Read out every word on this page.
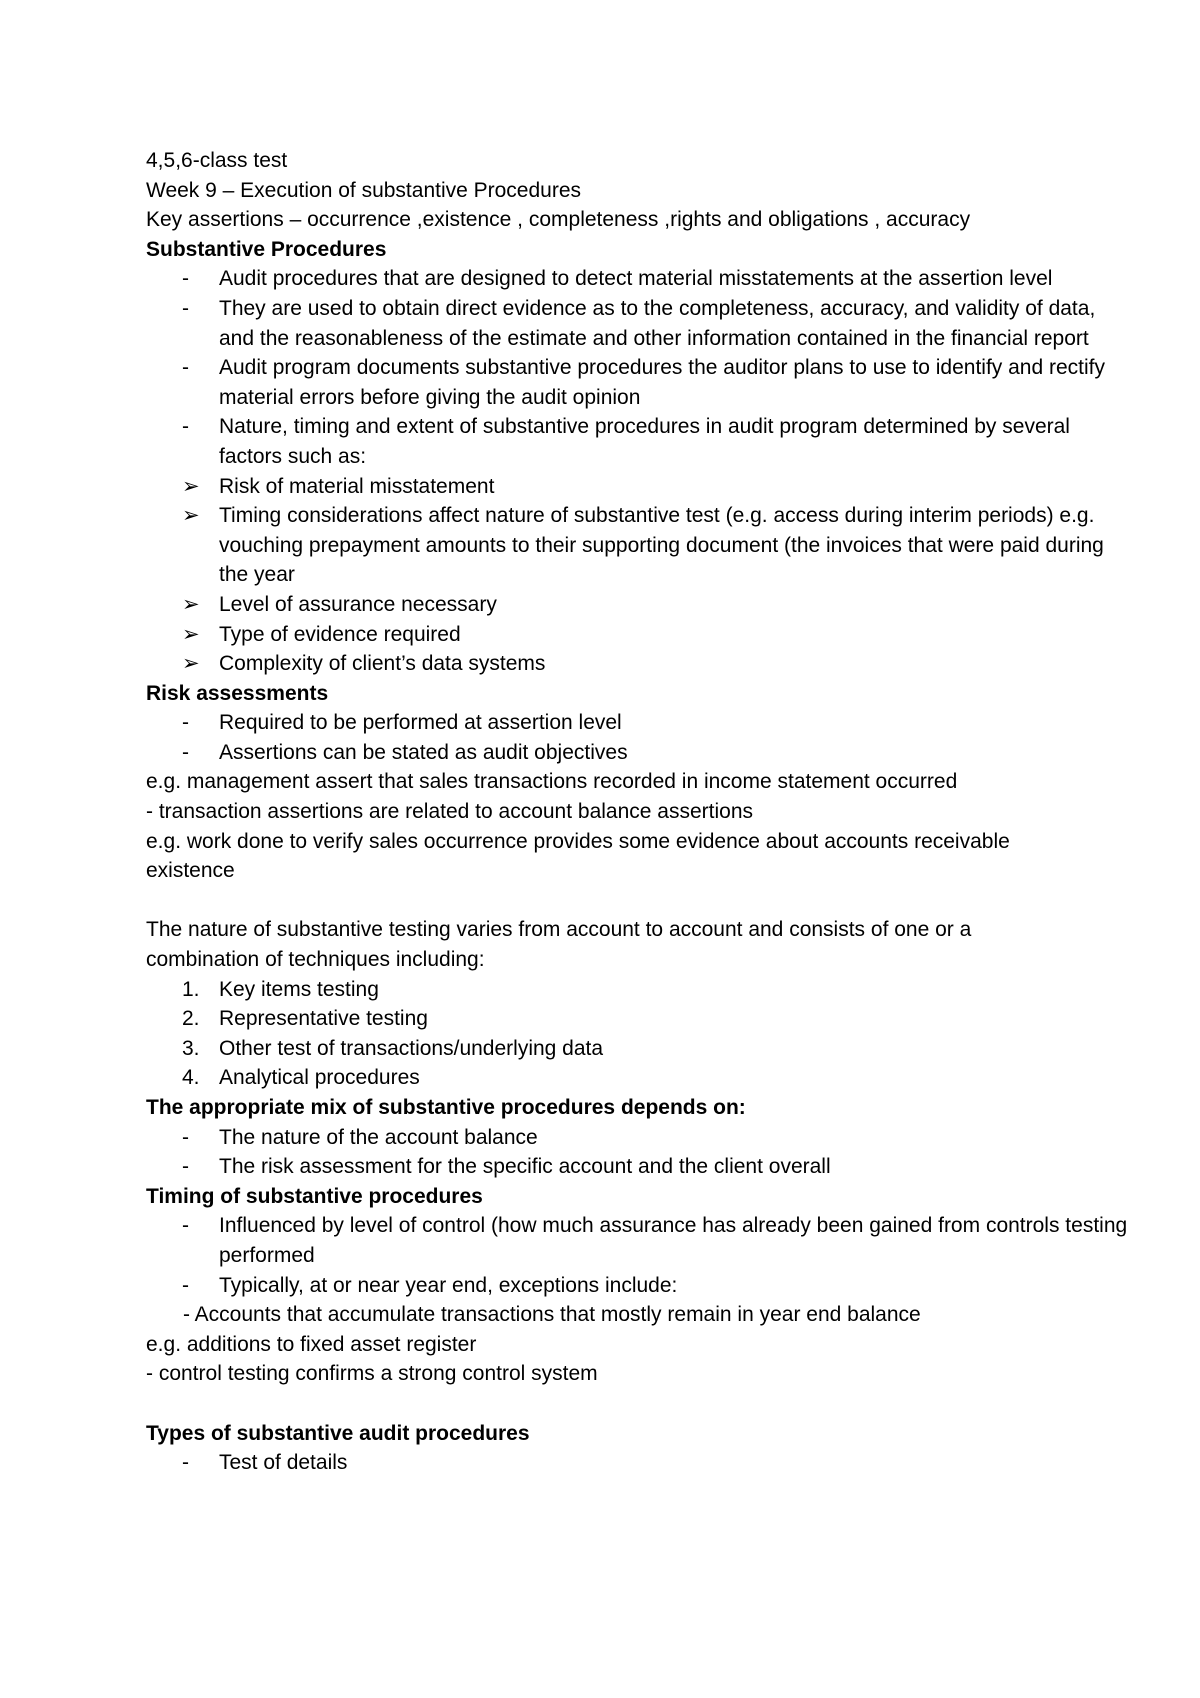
4,5,6-class test

Week 9 – Execution of substantive Procedures

Key assertions – occurrence ,existence , completeness ,rights and obligations , accuracy

Substantive Procedures

-	Audit procedures that are designed to detect material misstatements at the assertion level

-	They are used to obtain direct evidence as to the completeness, accuracy, and validity of data, and the reasonableness of the estimate and other information contained in the financial report

-	Audit program documents substantive procedures the auditor plans to use to identify and rectify material errors before giving the audit opinion

-	Nature, timing and extent of substantive procedures in audit program determined by several factors such as:

➢ Risk of material misstatement

➢ Timing considerations affect nature of substantive test (e.g. access during interim periods) e.g. vouching prepayment amounts to their supporting document (the invoices that were paid during the year

➢ Level of assurance necessary

➢ Type of evidence required

➢ Complexity of client’s data systems

Risk assessments

-	Required to be performed at assertion level

-	Assertions can be stated as audit objectives

e.g. management assert that sales transactions recorded in income statement occurred

- transaction assertions are related to account balance assertions

e.g. work done to verify sales occurrence provides some evidence about accounts receivable

existence

The nature of substantive testing varies from account to account and consists of one or a

combination of techniques including:

1. Key items testing

2. Representative testing

3. Other test of transactions/underlying data

4. Analytical procedures

The appropriate mix of substantive procedures depends on:

-	The nature of the account balance

-	The risk assessment for the specific account and the client overall

Timing of substantive procedures

-	Influenced by level of control (how much assurance has already been gained from controls testing performed

-	Typically, at or near year end, exceptions include:

- Accounts that accumulate transactions that mostly remain in year end balance

e.g. additions to fixed asset register

- control testing confirms a strong control system

Types of substantive audit procedures

-	Test of details
